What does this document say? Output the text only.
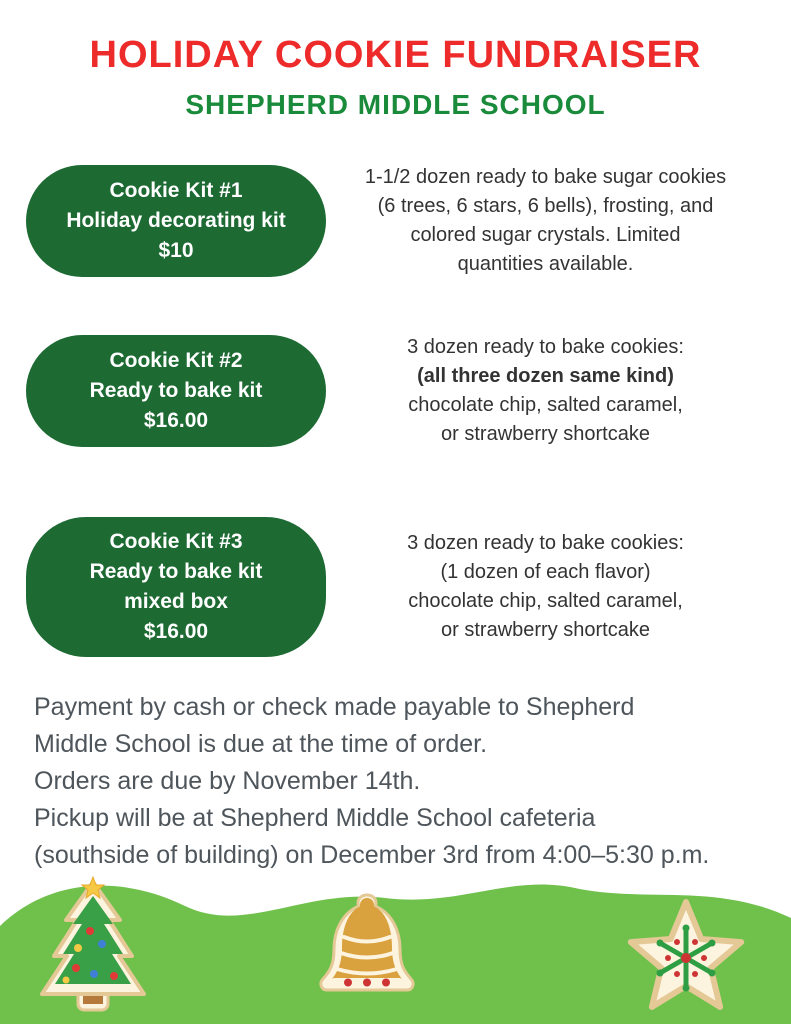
HOLIDAY COOKIE FUNDRAISER
SHEPHERD MIDDLE SCHOOL
Cookie Kit #1
Holiday decorating kit
$10
1-1/2 dozen ready to bake sugar cookies
(6 trees, 6 stars, 6 bells), frosting, and
colored sugar crystals. Limited
quantities available.
Cookie Kit #2
Ready to bake kit
$16.00
3 dozen ready to bake cookies:
(all three dozen same kind)
chocolate chip, salted caramel,
or strawberry shortcake
Cookie Kit #3
Ready to bake kit
mixed box
$16.00
3 dozen ready to bake cookies:
(1 dozen of each flavor)
chocolate chip, salted caramel,
or strawberry shortcake
Payment by cash or check made payable to Shepherd
Middle School is due at the time of order.
Orders are due by November 14th.
Pickup will be at Shepherd Middle School cafeteria
(southside of building) on December 3rd from 4:00–5:30 p.m.
